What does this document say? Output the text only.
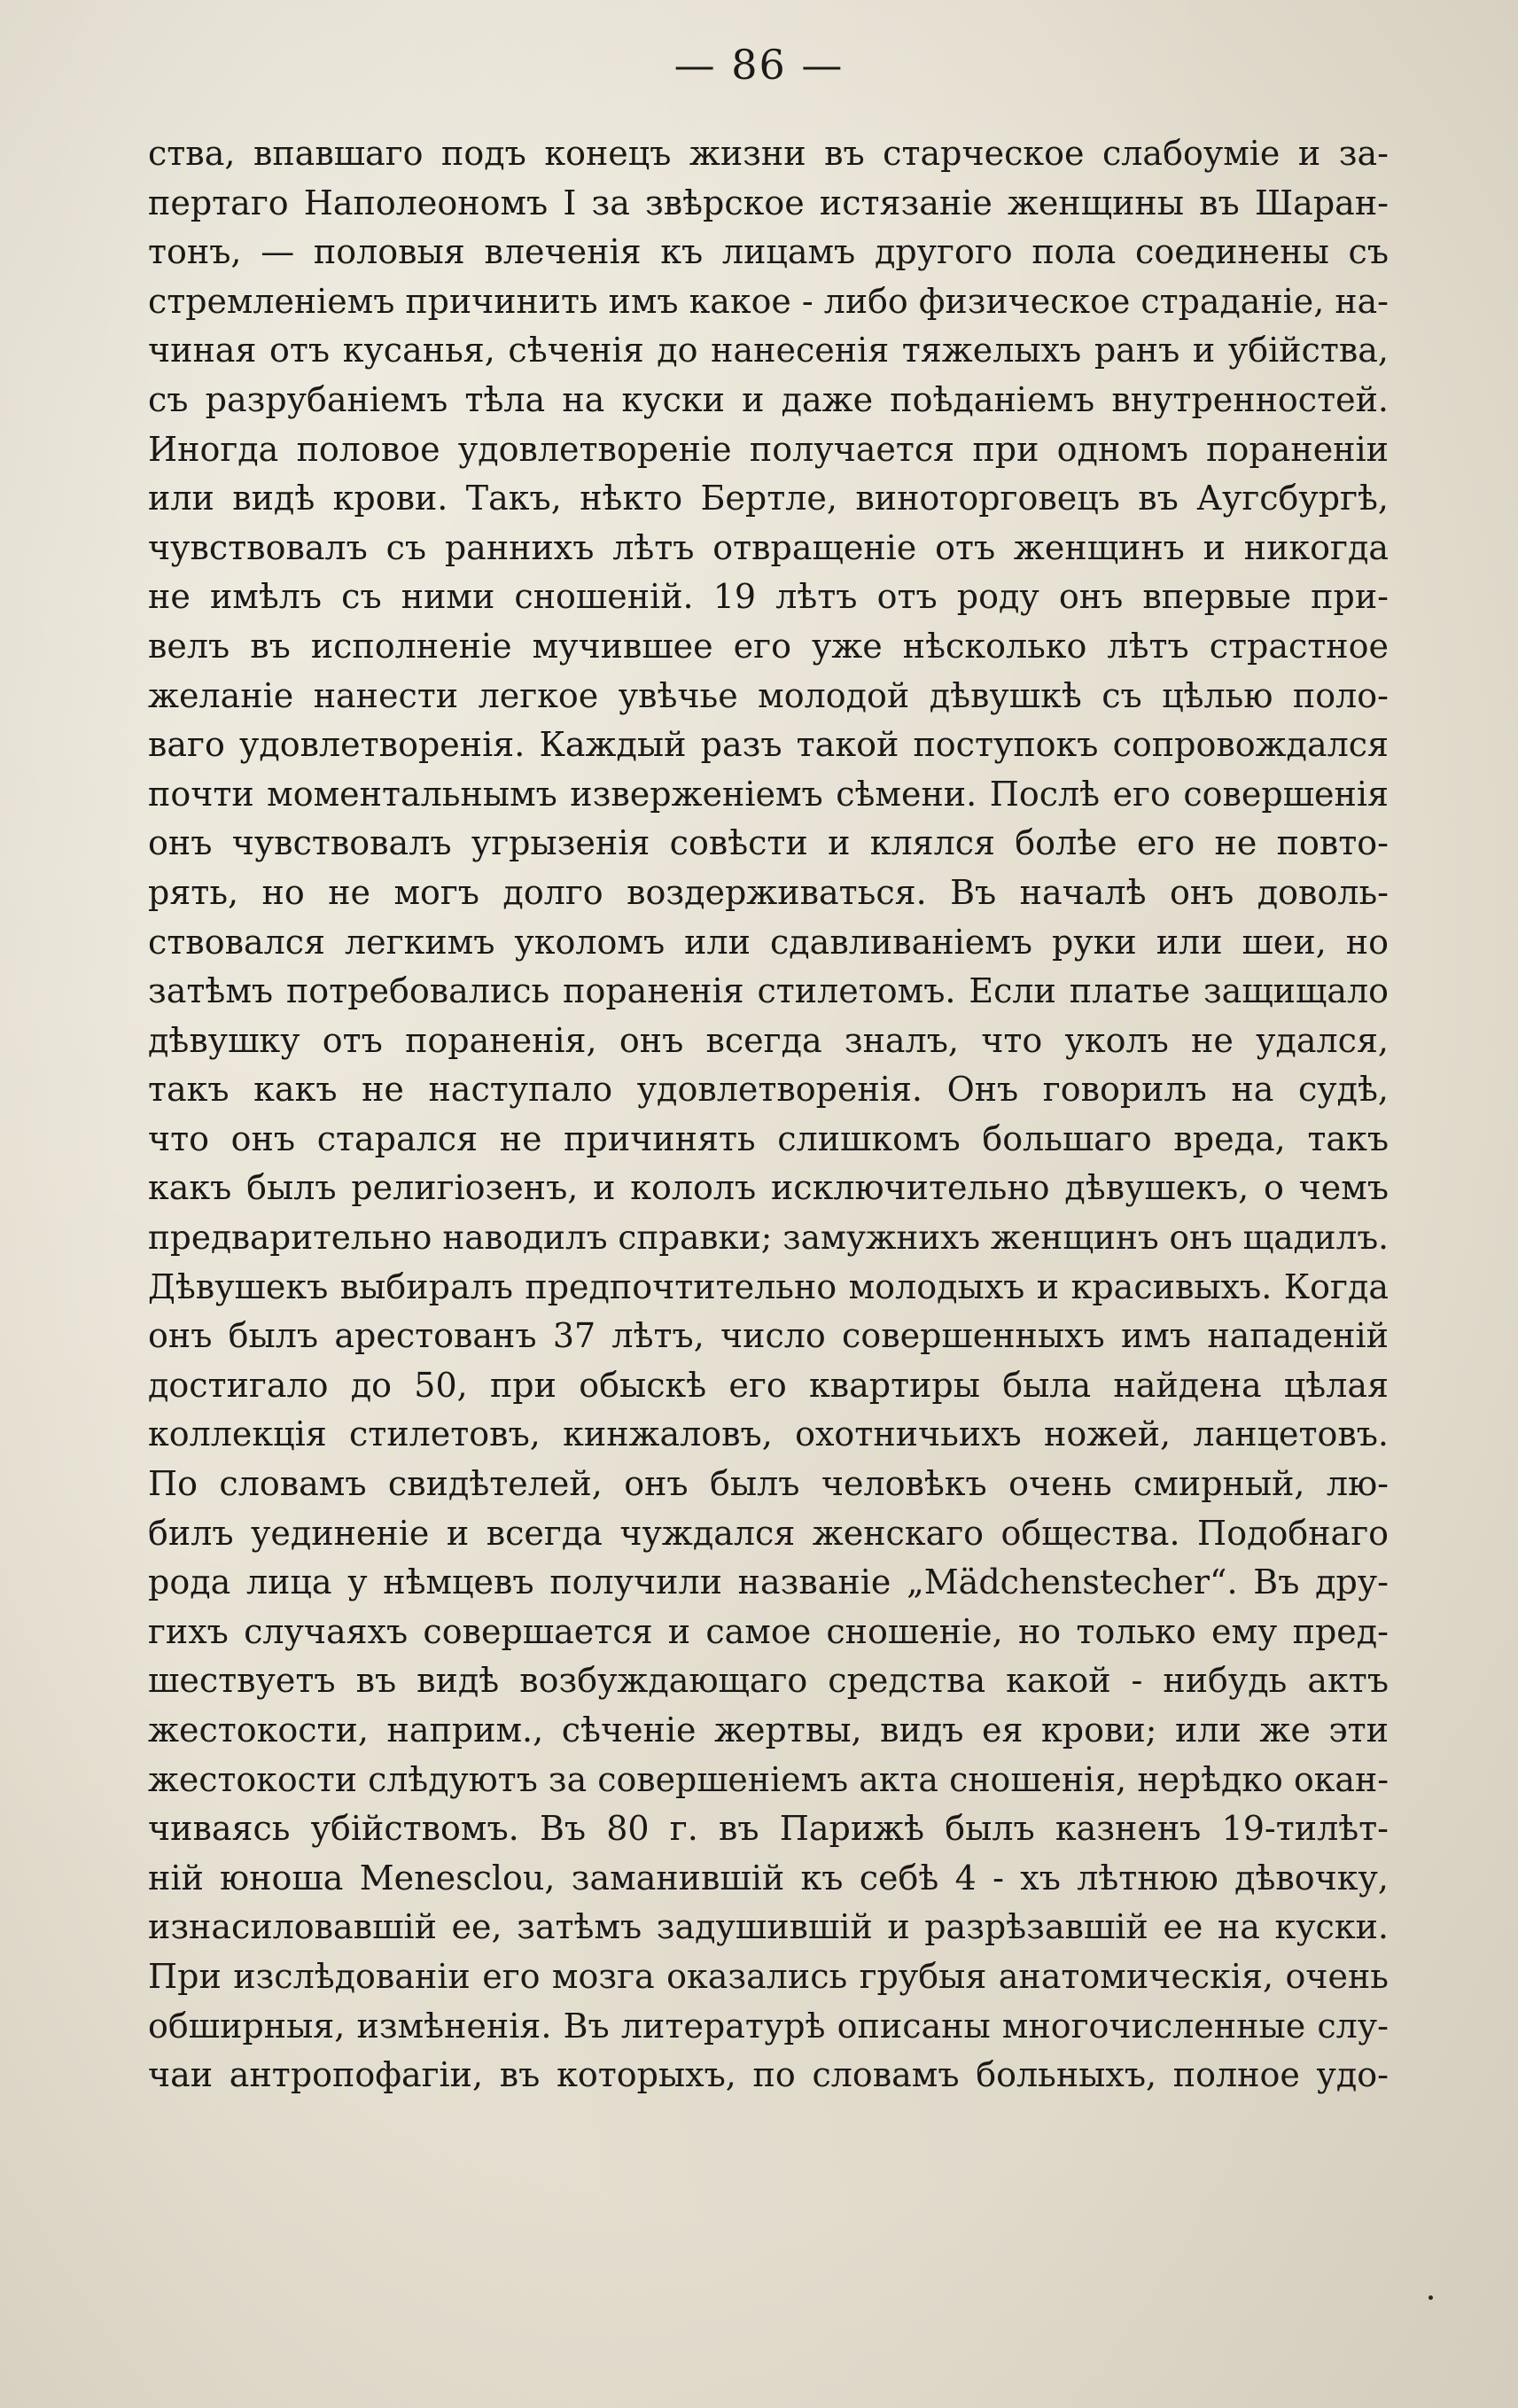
— 86 —
ства, впавшаго подъ конецъ жизни въ старческое слабоуміе и за-
пертаго Наполеономъ I за звѣрское истязаніе женщины въ Шаран-
тонъ, — половыя влеченія къ лицамъ другого пола соединены съ
стремленіемъ причинить имъ какое - либо физическое страданіе, на-
чиная отъ кусанья, сѣченія до нанесенія тяжелыхъ ранъ и убійства,
съ разрубаніемъ тѣла на куски и даже поѣданіемъ внутренностей.
Иногда половое удовлетвореніе получается при одномъ пораненіи
или видѣ крови. Такъ, нѣкто Бертле, виноторговецъ въ Аугсбургѣ,
чувствовалъ съ раннихъ лѣтъ отвращеніе отъ женщинъ и никогда
не имѣлъ съ ними сношеній. 19 лѣтъ отъ роду онъ впервые при-
велъ въ исполненіе мучившее его уже нѣсколько лѣтъ страстное
желаніе нанести легкое увѣчье молодой дѣвушкѣ съ цѣлью поло-
ваго удовлетворенія. Каждый разъ такой поступокъ сопровождался
почти моментальнымъ изверженіемъ сѣмени. Послѣ его совершенія
онъ чувствовалъ угрызенія совѣсти и клялся болѣе его не повто-
рять, но не могъ долго воздерживаться. Въ началѣ онъ доволь-
ствовался легкимъ уколомъ или сдавливаніемъ руки или шеи, но
затѣмъ потребовались пораненія стилетомъ. Если платье защищало
дѣвушку отъ пораненія, онъ всегда зналъ, что уколъ не удался,
такъ какъ не наступало удовлетворенія. Онъ говорилъ на судѣ,
что онъ старался не причинять слишкомъ большаго вреда, такъ
какъ былъ религіозенъ, и кололъ исключительно дѣвушекъ, о чемъ
предварительно наводилъ справки; замужнихъ женщинъ онъ щадилъ.
Дѣвушекъ выбиралъ предпочтительно молодыхъ и красивыхъ. Когда
онъ былъ арестованъ 37 лѣтъ, число совершенныхъ имъ нападеній
достигало до 50, при обыскѣ его квартиры была найдена цѣлая
коллекція стилетовъ, кинжаловъ, охотничьихъ ножей, ланцетовъ.
По словамъ свидѣтелей, онъ былъ человѣкъ очень смирный, лю-
билъ уединеніе и всегда чуждался женскаго общества. Подобнаго
рода лица у нѣмцевъ получили названіе „Mädchenstecher“. Въ дру-
гихъ случаяхъ совершается и самое сношеніе, но только ему пред-
шествуетъ въ видѣ возбуждающаго средства какой - нибудь актъ
жестокости, наприм., сѣченіе жертвы, видъ ея крови; или же эти
жестокости слѣдуютъ за совершеніемъ акта сношенія, нерѣдко окан-
чиваясь убійствомъ. Въ 80 г. въ Парижѣ былъ казненъ 19-тилѣт-
ній юноша Menesclou, заманившій къ себѣ 4 - хъ лѣтнюю дѣвочку,
изнасиловавшій ее, затѣмъ задушившій и разрѣзавшій ее на куски.
При изслѣдованіи его мозга оказались грубыя анатомическія, очень
обширныя, измѣненія. Въ литературѣ описаны многочисленные слу-
чаи антропофагіи, въ которыхъ, по словамъ больныхъ, полное удо-
